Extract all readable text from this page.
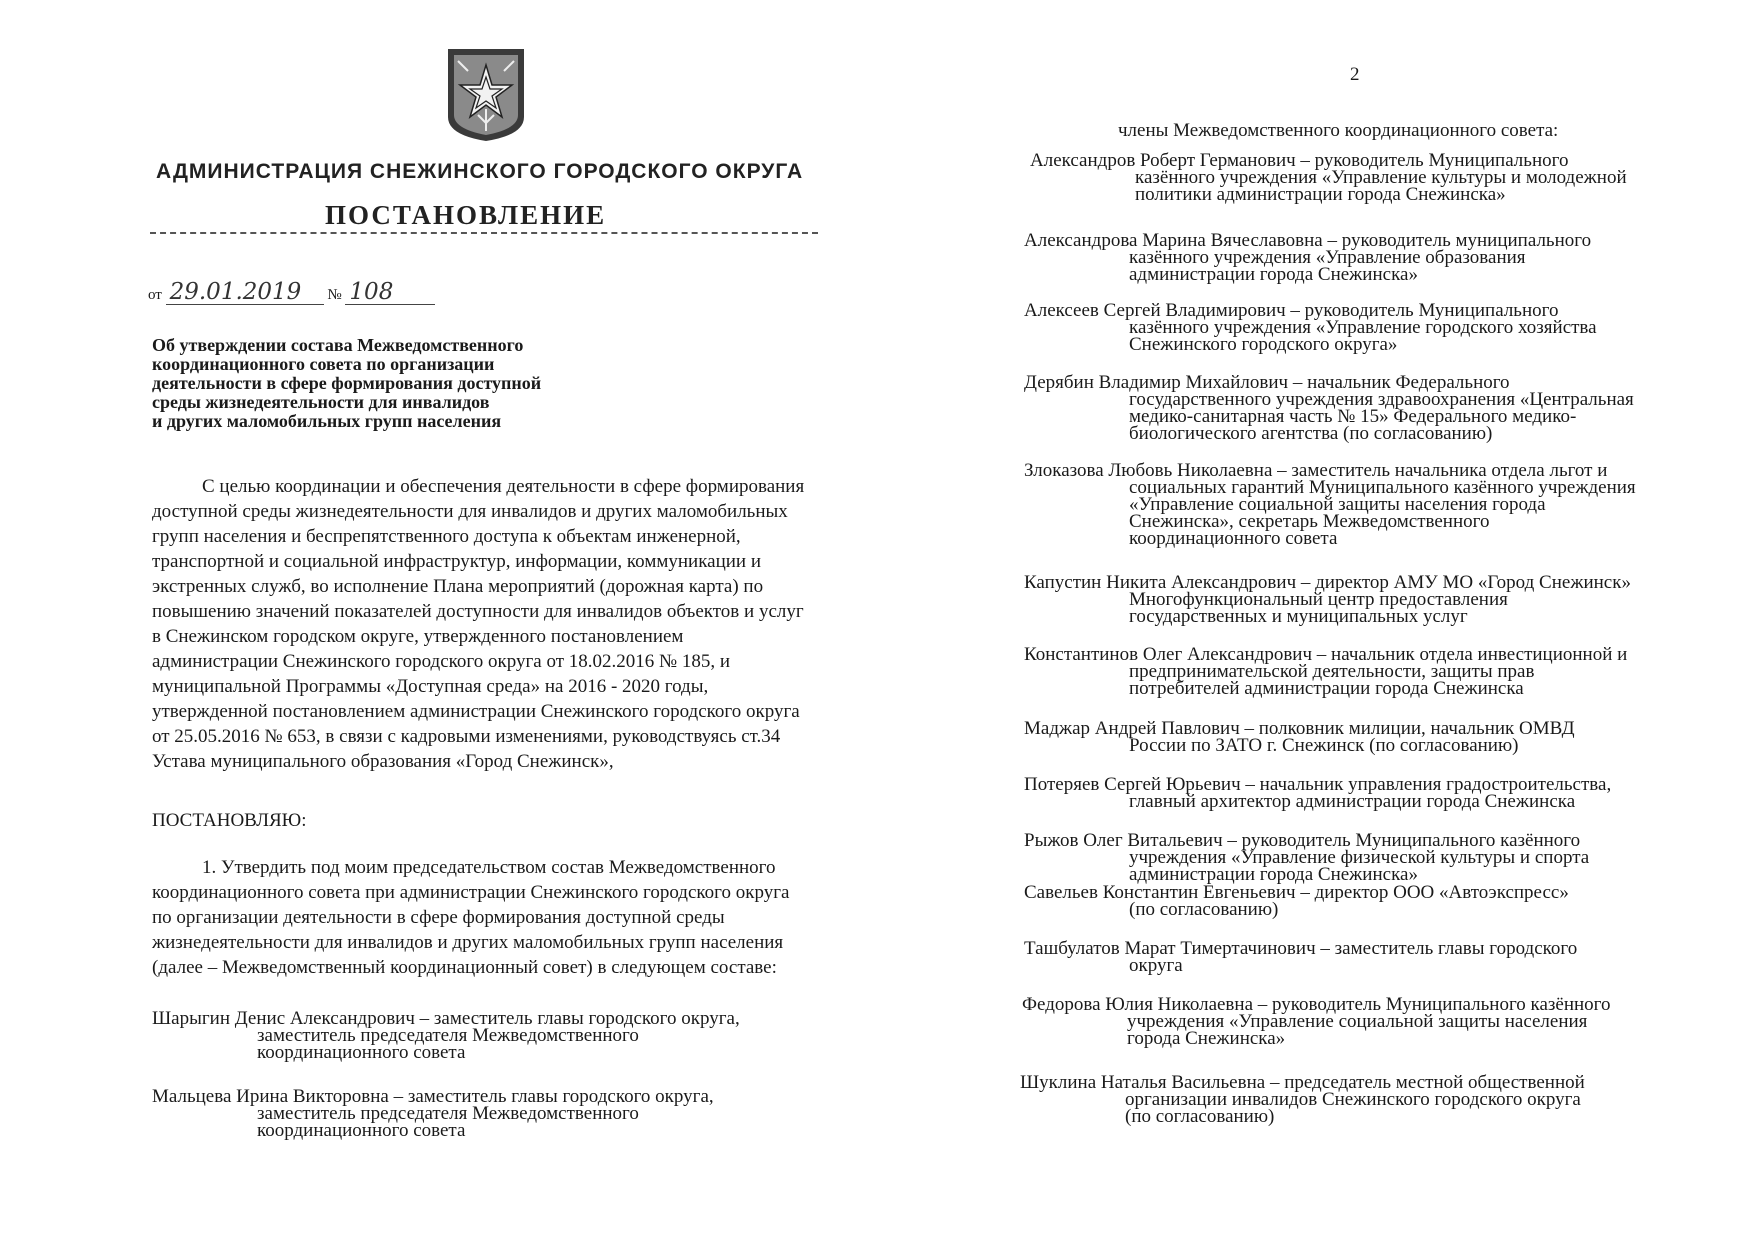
АДМИНИСТРАЦИЯ СНЕЖИНСКОГО ГОРОДСКОГО ОКРУГА
ПОСТАНОВЛЕНИЕ
от 29.01.2019 № 108
Об утверждении состава Межведомственного
координационного совета по организации
деятельности в сфере формирования доступной
среды жизнедеятельности для инвалидов
и других маломобильных групп населения
С целью координации и обеспечения деятельности в сфере формирования доступной среды жизнедеятельности для инвалидов и других маломобильных групп населения и беспрепятственного доступа к объектам инженерной, транспортной и социальной инфраструктур, информации, коммуникации и экстренных служб, во исполнение Плана мероприятий (дорожная карта) по повышению значений показателей доступности для инвалидов объектов и услуг в Снежинском городском округе, утвержденного постановлением администрации Снежинского городского округа от 18.02.2016 № 185, и муниципальной Программы «Доступная среда» на 2016 - 2020 годы, утвержденной постановлением администрации Снежинского городского округа от 25.05.2016 № 653, в связи с кадровыми изменениями, руководствуясь ст.34 Устава муниципального образования «Город Снежинск»,
ПОСТАНОВЛЯЮ:
1. Утвердить под моим председательством состав Межведомственного координационного совета при администрации Снежинского городского округа по организации деятельности в сфере формирования доступной среды жизнедеятельности для инвалидов и других маломобильных групп населения (далее – Межведомственный координационный совет) в следующем составе:
Шарыгин Денис Александрович – заместитель главы городского округа,
заместитель председателя Межведомственного
координационного совета
Мальцева Ирина Викторовна – заместитель главы городского округа,
заместитель председателя Межведомственного
координационного совета
2
члены Межведомственного координационного совета:
Александров Роберт Германович – руководитель Муниципального
казённого учреждения «Управление культуры и молодежной
политики администрации города Снежинска»
Александрова Марина Вячеславовна – руководитель муниципального
казённого учреждения «Управление образования
администрации города Снежинска»
Алексеев Сергей Владимирович – руководитель Муниципального
казённого учреждения «Управление городского хозяйства
Снежинского городского округа»
Дерябин Владимир Михайлович – начальник Федерального
государственного учреждения здравоохранения «Центральная
медико-санитарная часть № 15» Федерального медико-
биологического агентства (по согласованию)
Злоказова Любовь Николаевна – заместитель начальника отдела льгот и
социальных гарантий Муниципального казённого учреждения
«Управление социальной защиты населения города
Снежинска», секретарь Межведомственного
координационного совета
Капустин Никита Александрович – директор АМУ МО «Город Снежинск»
Многофункциональный центр предоставления
государственных и муниципальных услуг
Константинов Олег Александрович – начальник отдела инвестиционной и
предпринимательской деятельности, защиты прав
потребителей администрации города Снежинска
Маджар Андрей Павлович – полковник милиции, начальник ОМВД
России по ЗАТО г. Снежинск (по согласованию)
Потеряев Сергей Юрьевич – начальник управления градостроительства,
главный архитектор администрации города Снежинска
Рыжов Олег Витальевич – руководитель Муниципального казённого
учреждения «Управление физической культуры и спорта
администрации города Снежинска»
Савельев Константин Евгеньевич – директор ООО «Автоэкспресс»
(по согласованию)
Ташбулатов Марат Тимертачинович – заместитель главы городского
округа
Федорова Юлия Николаевна – руководитель Муниципального казённого
учреждения «Управление социальной защиты населения
города Снежинска»
Шуклина Наталья Васильевна – председатель местной общественной
организации инвалидов Снежинского городского округа
(по согласованию)
